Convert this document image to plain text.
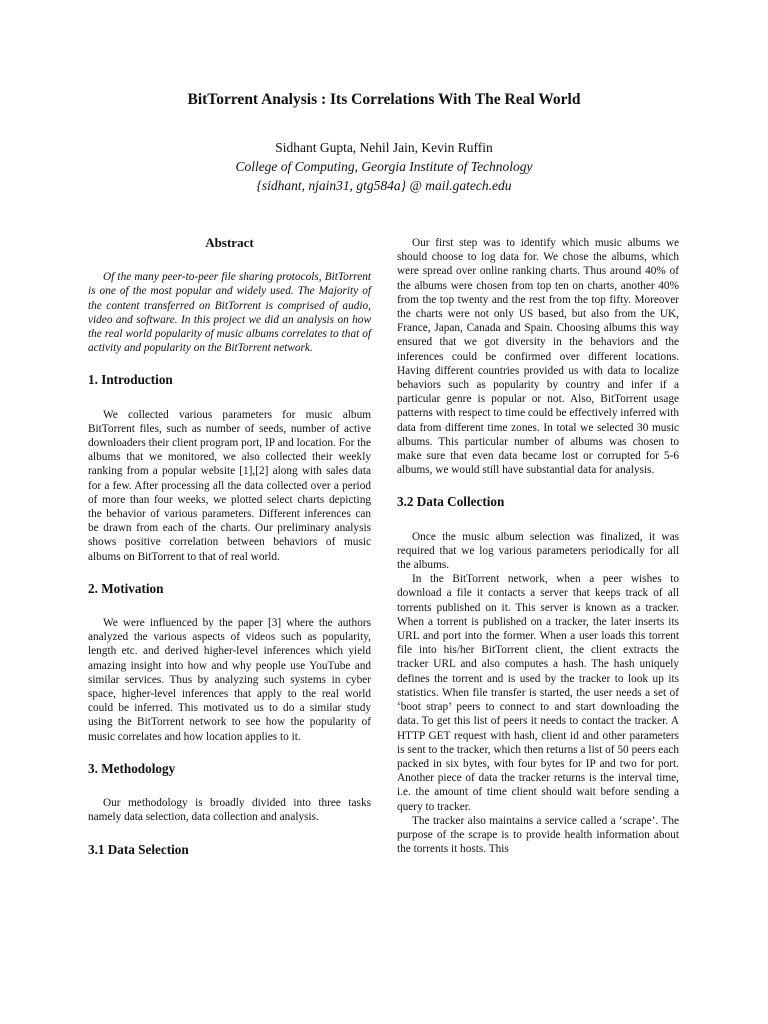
BitTorrent Analysis : Its Correlations With The Real World
Sidhant Gupta, Nehil Jain, Kevin Ruffin
College of Computing, Georgia Institute of Technology
{sidhant, njain31, gtg584a} @ mail.gatech.edu
Abstract

Of the many peer-to-peer file sharing protocols, BitTorrent is one of the most popular and widely used. The Majority of the content transferred on BitTorrent is comprised of audio, video and software. In this project we did an analysis on how the real world popularity of music albums correlates to that of activity and popularity on the BitTorrent network.

1. Introduction

We collected various parameters for music album BitTorrent files, such as number of seeds, number of active downloaders their client program port, IP and location. For the albums that we monitored, we also collected their weekly ranking from a popular website [1],[2] along with sales data for a few. After processing all the data collected over a period of more than four weeks, we plotted select charts depicting the behavior of various parameters. Different inferences can be drawn from each of the charts. Our preliminary analysis shows positive correlation between behaviors of music albums on BitTorrent to that of real world.

2. Motivation

We were influenced by the paper [3] where the authors analyzed the various aspects of videos such as popularity, length etc. and derived higher-level inferences which yield amazing insight into how and why people use YouTube and similar services. Thus by analyzing such systems in cyber space, higher-level inferences that apply to the real world could be inferred. This motivated us to do a similar study using the BitTorrent network to see how the popularity of music correlates and how location applies to it.

3. Methodology

Our methodology is broadly divided into three tasks namely data selection, data collection and analysis.

3.1 Data Selection

Our first step was to identify which music albums we should choose to log data for. We chose the albums, which were spread over online ranking charts. Thus around 40% of the albums were chosen from top ten on charts, another 40% from the top twenty and the rest from the top fifty. Moreover the charts were not only US based, but also from the UK, France, Japan, Canada and Spain. Choosing albums this way ensured that we got diversity in the behaviors and the inferences could be confirmed over different locations. Having different countries provided us with data to localize behaviors such as popularity by country and infer if a particular genre is popular or not. Also, BitTorrent usage patterns with respect to time could be effectively inferred with data from different time zones. In total we selected 30 music albums. This particular number of albums was chosen to make sure that even data became lost or corrupted for 5-6 albums, we would still have substantial data for analysis.

3.2 Data Collection

Once the music album selection was finalized, it was required that we log various parameters periodically for all the albums.

In the BitTorrent network, when a peer wishes to download a file it contacts a server that keeps track of all torrents published on it. This server is known as a tracker. When a torrent is published on a tracker, the later inserts its URL and port into the former. When a user loads this torrent file into his/her BitTorrent client, the client extracts the tracker URL and also computes a hash. The hash uniquely defines the torrent and is used by the tracker to look up its statistics. When file transfer is started, the user needs a set of ‘boot strap’ peers to connect to and start downloading the data. To get this list of peers it needs to contact the tracker. A HTTP GET request with hash, client id and other parameters is sent to the tracker, which then returns a list of 50 peers each packed in six bytes, with four bytes for IP and two for port. Another piece of data the tracker returns is the interval time, i.e. the amount of time client should wait before sending a query to tracker.

The tracker also maintains a service called a ‘scrape’. The purpose of the scrape is to provide health information about the torrents it hosts. This
